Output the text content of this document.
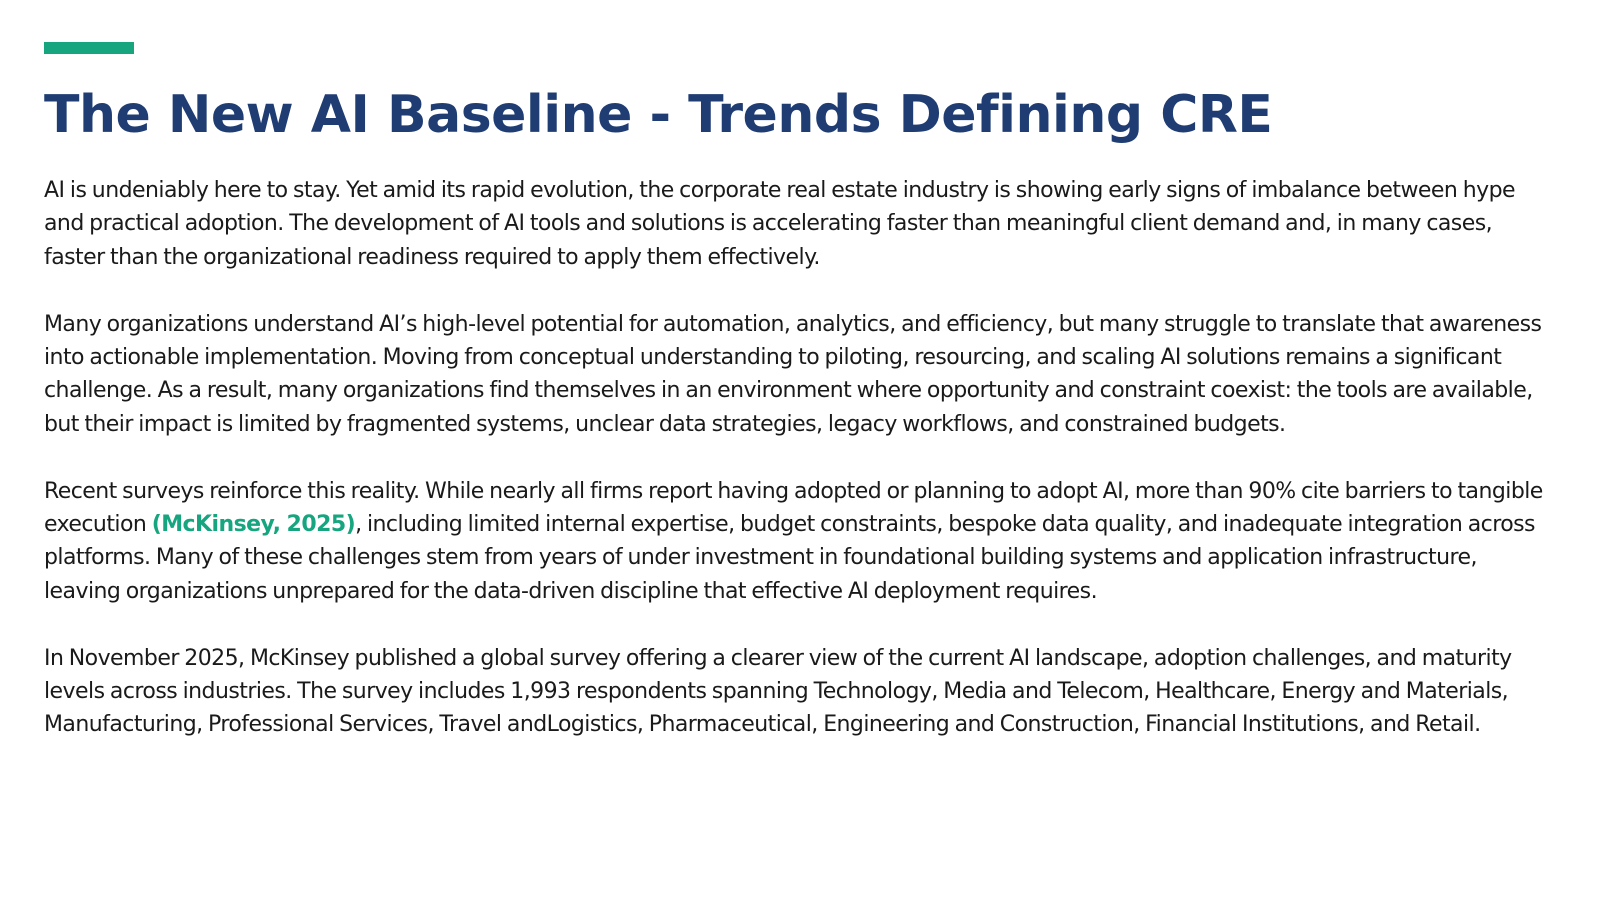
The New AI Baseline - Trends Defining CRE

AI is undeniably here to stay. Yet amid its rapid evolution, the corporate real estate industry is showing early signs of imbalance between hype and practical adoption. The development of AI tools and solutions is accelerating faster than meaningful client demand and, in many cases, faster than the organizational readiness required to apply them effectively.

Many organizations understand AI’s high-level potential for automation, analytics, and efficiency, but many struggle to translate that awareness into actionable implementation. Moving from conceptual understanding to piloting, resourcing, and scaling AI solutions remains a significant challenge. As a result, many organizations find themselves in an environment where opportunity and constraint coexist: the tools are available, but their impact is limited by fragmented systems, unclear data strategies, legacy workflows, and constrained budgets.

Recent surveys reinforce this reality. While nearly all firms report having adopted or planning to adopt AI, more than 90% cite barriers to tangible execution (McKinsey, 2025), including limited internal expertise, budget constraints, bespoke data quality, and inadequate integration across platforms. Many of these challenges stem from years of under investment in foundational building systems and application infrastructure, leaving organizations unprepared for the data-driven discipline that effective AI deployment requires.

In November 2025, McKinsey published a global survey offering a clearer view of the current AI landscape, adoption challenges, and maturity levels across industries. The survey includes 1,993 respondents spanning Technology, Media and Telecom, Healthcare, Energy and Materials, Manufacturing, Professional Services, Travel andLogistics, Pharmaceutical, Engineering and Construction, Financial Institutions, and Retail.
